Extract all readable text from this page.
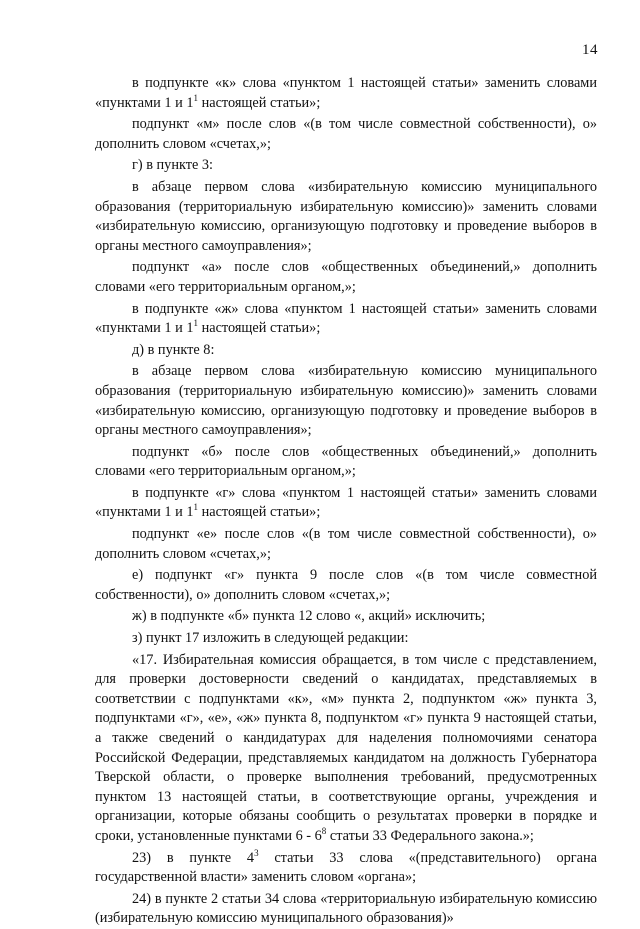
14

в подпункте «к» слова «пунктом 1 настоящей статьи» заменить словами «пунктами 1 и $1^1$ настоящей статьи»;

подпункт «м» после слов «(в том числе совместной собственности), о» дополнить словом «счетах,»;

г) в пункте 3:

в абзаце первом слова «избирательную комиссию муниципального образования (территориальную избирательную комиссию)» заменить словами «избирательную комиссию, организующую подготовку и проведение выборов в органы местного самоуправления»;

подпункт «а» после слов «общественных объединений,» дополнить словами «его территориальным органом,»;

в подпункте «ж» слова «пунктом 1 настоящей статьи» заменить словами «пунктами 1 и $1^1$ настоящей статьи»;

д) в пункте 8:

в абзаце первом слова «избирательную комиссию муниципального образования (территориальную избирательную комиссию)» заменить словами «избирательную комиссию, организующую подготовку и проведение выборов в органы местного самоуправления»;

подпункт «б» после слов «общественных объединений,» дополнить словами «его территориальным органом,»;

в подпункте «г» слова «пунктом 1 настоящей статьи» заменить словами «пунктами 1 и $1^1$ настоящей статьи»;

подпункт «е» после слов «(в том числе совместной собственности), о» дополнить словом «счетах,»;

е) подпункт «г» пункта 9 после слов «(в том числе совместной собственности), о» дополнить словом «счетах,»;

ж) в подпункте «б» пункта 12 слово «, акций» исключить;

з) пункт 17 изложить в следующей редакции:

«17. Избирательная комиссия обращается, в том числе с представлением, для проверки достоверности сведений о кандидатах, представляемых в соответствии с подпунктами «к», «м» пункта 2, подпунктом «ж» пункта 3, подпунктами «г», «е», «ж» пункта 8, подпунктом «г» пункта 9 настоящей статьи, а также сведений о кандидатурах для наделения полномочиями сенатора Российской Федерации, представляемых кандидатом на должность Губернатора Тверской области, о проверке выполнения требований, предусмотренных пунктом 13 настоящей статьи, в соответствующие органы, учреждения и организации, которые обязаны сообщить о результатах проверки в порядке и сроки, установленные пунктами $6 - 6^8$ статьи 33 Федерального закона.»;

23) в пункте $4^3$ статьи 33 слова «(представительного) органа государственной власти» заменить словом «органа»;

24) в пункте 2 статьи 34 слова «территориальную избирательную комиссию (избирательную комиссию муниципального образования)»
